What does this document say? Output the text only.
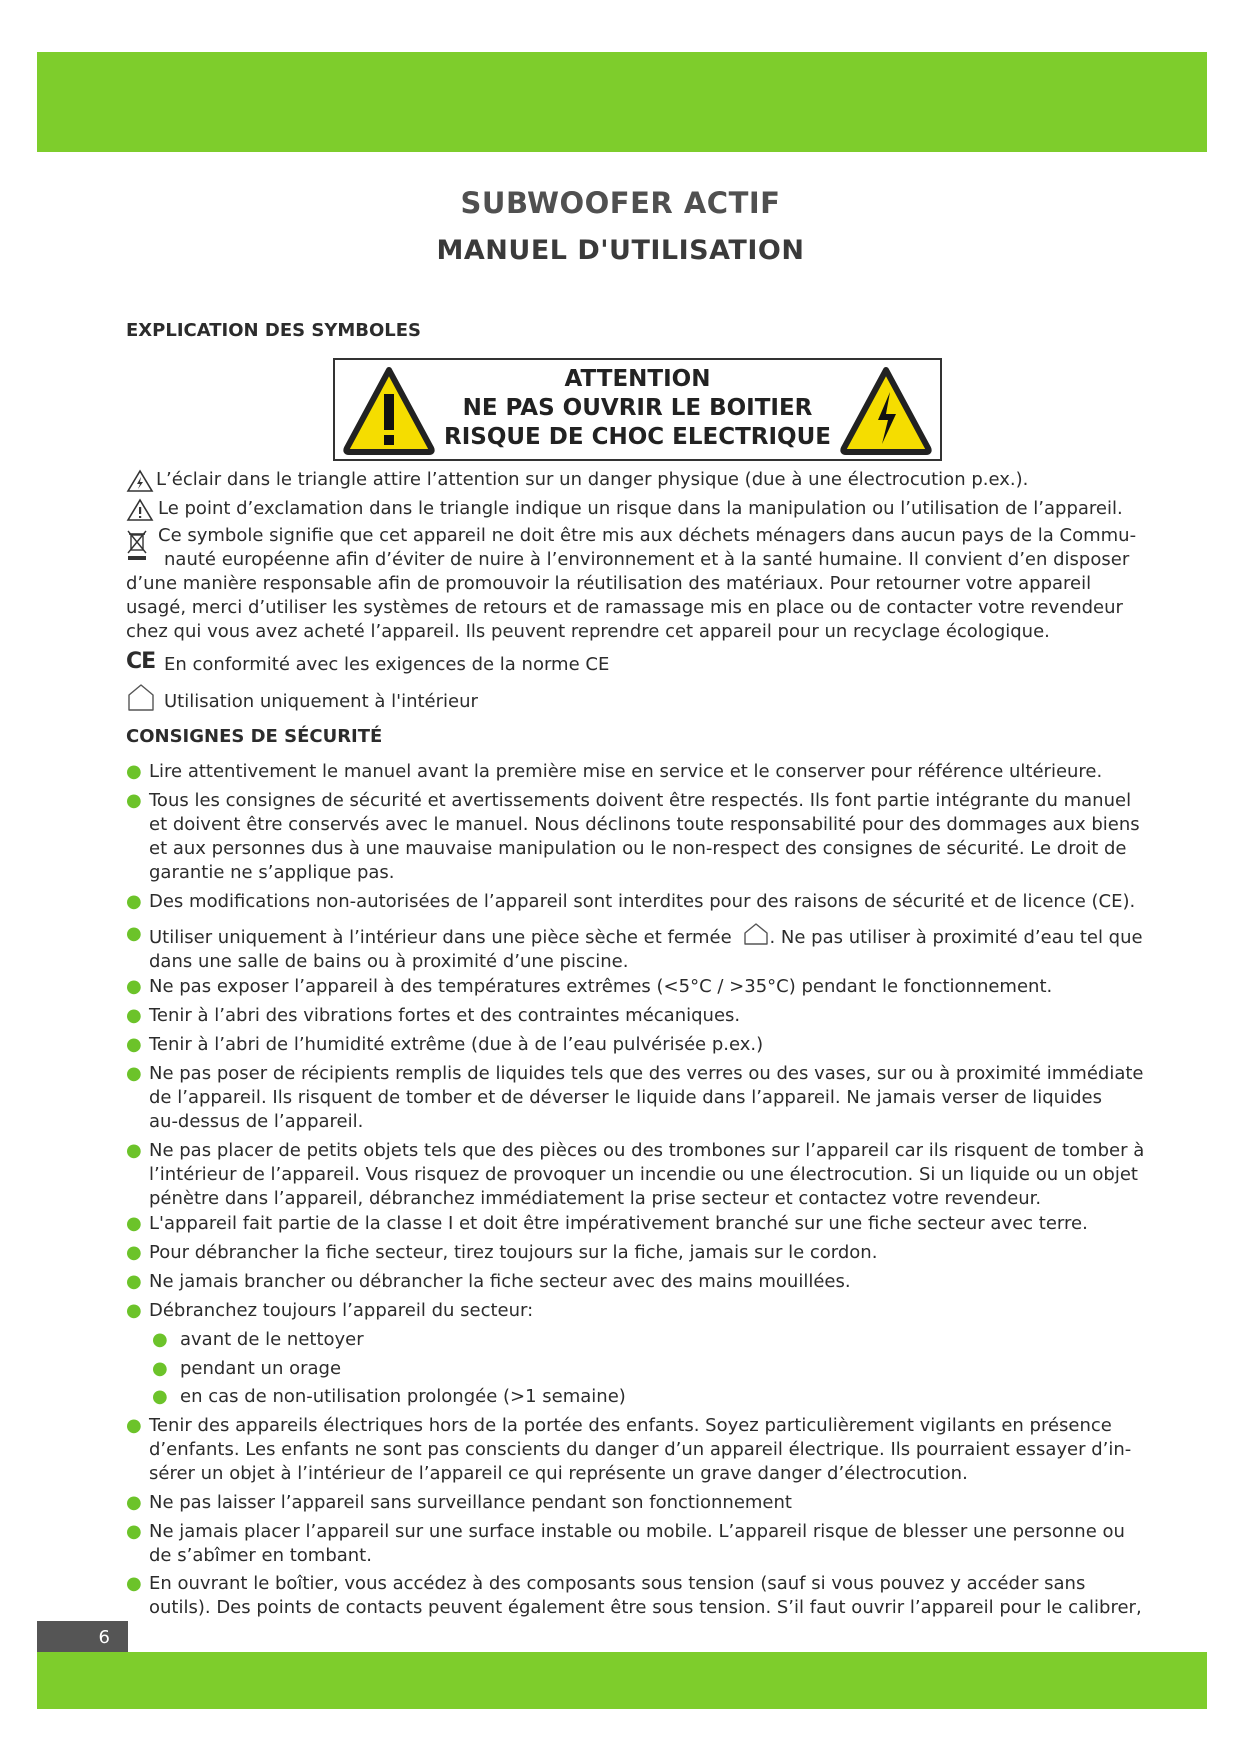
SUBWOOFER ACTIF
MANUEL D'UTILISATION
EXPLICATION DES SYMBOLES
ATTENTION
NE PAS OUVRIR LE BOITIER
RISQUE DE CHOC ELECTRIQUE
L’éclair dans le triangle attire l’attention sur un danger physique (due à une électrocution p.ex.).
Le point d’exclamation dans le triangle indique un risque dans la manipulation ou l’utilisation de l’appareil.
Ce symbole signifie que cet appareil ne doit être mis aux déchets ménagers dans aucun pays de la Commu-
nauté européenne afin d’éviter de nuire à l’environnement et à la santé humaine. Il convient d’en disposer
d’une manière responsable afin de promouvoir la réutilisation des matériaux. Pour retourner votre appareil
usagé, merci d’utiliser les systèmes de retours et de ramassage mis en place ou de contacter votre revendeur
chez qui vous avez acheté l’appareil. Ils peuvent reprendre cet appareil pour un recyclage écologique.
CE En conformité avec les exigences de la norme CE
Utilisation uniquement à l'intérieur
CONSIGNES DE SÉCURITÉ
● Lire attentivement le manuel avant la première mise en service et le conserver pour référence ultérieure.
● Tous les consignes de sécurité et avertissements doivent être respectés. Ils font partie intégrante du manuel
et doivent être conservés avec le manuel. Nous déclinons toute responsabilité pour des dommages aux biens
et aux personnes dus à une mauvaise manipulation ou le non-respect des consignes de sécurité. Le droit de
garantie ne s’applique pas.
● Des modifications non-autorisées de l’appareil sont interdites pour des raisons de sécurité et de licence (CE).
● Utiliser uniquement à l’intérieur dans une pièce sèche et fermée . Ne pas utiliser à proximité d’eau tel que
dans une salle de bains ou à proximité d’une piscine.
● Ne pas exposer l’appareil à des températures extrêmes (<5°C / >35°C) pendant le fonctionnement.
● Tenir à l’abri des vibrations fortes et des contraintes mécaniques.
● Tenir à l’abri de l’humidité extrême (due à de l’eau pulvérisée p.ex.)
● Ne pas poser de récipients remplis de liquides tels que des verres ou des vases, sur ou à proximité immédiate
de l’appareil. Ils risquent de tomber et de déverser le liquide dans l’appareil. Ne jamais verser de liquides
au-dessus de l’appareil.
● Ne pas placer de petits objets tels que des pièces ou des trombones sur l’appareil car ils risquent de tomber à
l’intérieur de l’appareil. Vous risquez de provoquer un incendie ou une électrocution. Si un liquide ou un objet
pénètre dans l’appareil, débranchez immédiatement la prise secteur et contactez votre revendeur.
● L'appareil fait partie de la classe I et doit être impérativement branché sur une fiche secteur avec terre.
● Pour débrancher la fiche secteur, tirez toujours sur la fiche, jamais sur le cordon.
● Ne jamais brancher ou débrancher la fiche secteur avec des mains mouillées.
● Débranchez toujours l’appareil du secteur:
● avant de le nettoyer
● pendant un orage
● en cas de non-utilisation prolongée (>1 semaine)
● Tenir des appareils électriques hors de la portée des enfants. Soyez particulièrement vigilants en présence
d’enfants. Les enfants ne sont pas conscients du danger d’un appareil électrique. Ils pourraient essayer d’in-
sérer un objet à l’intérieur de l’appareil ce qui représente un grave danger d’électrocution.
● Ne pas laisser l’appareil sans surveillance pendant son fonctionnement
● Ne jamais placer l’appareil sur une surface instable ou mobile. L’appareil risque de blesser une personne ou
de s’abîmer en tombant.
● En ouvrant le boîtier, vous accédez à des composants sous tension (sauf si vous pouvez y accéder sans
outils). Des points de contacts peuvent également être sous tension. S’il faut ouvrir l’appareil pour le calibrer,
6
